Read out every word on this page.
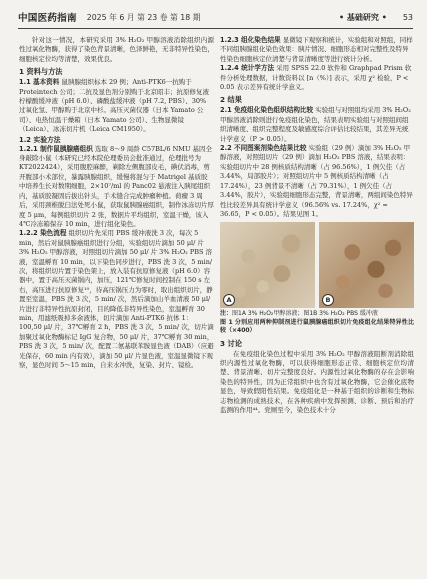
中国医药指南 2025 年 6 月 第 23 卷 第 18 期	• 基础研究 • 53

针对这一情况，本研究采用 3% H₂O₂ 甲醇溶液消除组织内源性过氧化物酶，获得了染色背景清晰，色泽鲜艳，无非特异性染色，细胞核定位均等清楚，效果优良。

1 资料与方法

1.1 基本资料 鼠胰腺组织标本 29 例；Anti-PTK6一抗购于 Proteintech 公司；二抗及显色剂分别购于北京昭丰；抗原修复液柠檬酸缓冲液（pH 6.0）、磷酸盐缓冲液（pH 7.2, PBS）、30% 过氧化氢、甲醇购于北京中杉。高压灭菌仪器（日本 Yamato 公司）、电热恒温干燥箱（日本 Yamato 公司）、生物显微镜（Leica）、冰冻切片机（Leica CM1950）。

1.2 实验方法

1.2.1 制作鼠胰腺癌组织 选取 8～9 周龄 C57BL/6 NMU 基因全身敲除小鼠（本研究已经本院伦理委员会批准通过，伦理批号为 KT2022424），采用腹腔麻醉，剃除左侧腹部皮毛，碘伏消毒，剪开腹部小术部位，暴露胰腺组织，缓慢将混匀于 Matrigel 基质胶中培养生长对数期细胞，2×10⁷/ml 的 Panc02 悬液注入胰尾组织内，基质胶凝固后拔出针头，手术缝合完成肿瘤种植。荷瘤 3 周后，采用颈椎脱臼法处死小鼠，获取鼠胰腺癌组织，制作冰冻切片厚度 5 μm，每例组织切片 2 张，数据片平均组织，室温干燥，该入 4℃冷冻箱保存 10 min，进行组化染色。

1.2.2 染色流程 组织切片先采用 PBS 缓冲液洗 3 次，每次 5 min，然后对鼠胰腺癌组织进行分组，实验组切片滴加 50 μl/ 片 3% H₂O₂ 甲醇溶液，对照组切片滴加 50 μl/ 片 3% H₂O₂ PBS 溶液，室温孵育 10 min，以下染色同步进行，PBS 洗 3 次，5 min/ 次，将组织切片置于染色架上，放入装有抗原修复液（pH 6.0）容器中，置于高压灭菌锅内，加压，121℃修复时间控制在 150 s 左右，高压进行抗原修复¹⁰，待高压锅压力为零时，取出组织切片，静置至室温，PBS 洗 3 次，5 min/ 次，然后滴加山羊血清液 50 μl/ 片进行非特异性抗原封闭，目的降低非特异性染色，室温孵育 30 min，用滤纸吸掉多余液体，切片滴加 Anti-PTK6 抗体 1：100,50 μl/ 片，37℃孵育 2 h，PBS 洗 3 次，5 min/ 次，切片滴加聚过氧化物酶标记 IgG 复合物，50 μl/ 片，37℃孵育 30 min，PBS 洗 3 次，5 min/ 次，配置二氨基联苯胺显色液（DAB）（应避光保存，60 min 内有效），滴加 50 μl/ 片显色液，室温显微镜下观察，显色时间 5～15 min，自来水冲洗，复染、封片、镜检。

1.2.3 组化染色结果 显微镜下观察和统计，实验组和对照组，同样不同组胰腺组化染色效果：胰片情况、细胞形态相对完整性及特异性染色细胞核定位清楚与背景清晰度等进行统计分析。

1.2.4 统计学方法 采用 SPSS 22.0 软件和 Graphpad Prism 软件分析处理数据，计数资料以 [n（%）] 表示，采用 χ² 检验，P < 0.05 表示差异有统计学意义。

2 结果

2.1 免疫组化染色组织结构比较 实验组与对照组均采用 3% H₂O₂ 甲醇溶液消除则进行免疫组化染色，结果表明实验组与对照组间组织清晰度、组织完整程度及敏感度综合评估比较结果，其差异无统计学意义（P > 0.05）。

2.2 不同图案剂染色结果比较 实验组（29 例）滴加 3% H₂O₂ 甲醇溶液，对照组切片（29 例）滴加 H₂O₂ PBS 溶液，结果表明：实验组切片中 28 例核质结构清晰（占 96.56%），1 例欠佳（占 3.44%，局部胶片）；对照组切片中 5 例核质结构清晰（占 17.24%），23 例背景不清晰（占 79.31%），1 例欠佳（占 3.44%，胶片），实验组细胞形态完整，背景清晰，两组间染色特异性比较差异具有统计学意义（96.56% vs. 17.24%，χ² = 36.65，P < 0.05）。结果见图 1。

A	B
注：图1A 3% H₂O₂甲醇溶液；图1B 3% H₂O₂ PBS 缓冲液
图 1 分别应用两种抑制剂进行鼠胰腺癌组织切片免疫组化结果特异性比较（×400）
3 讨论

在免疫组化染色过程中采用 3% H₂O₂ 甲醇溶液阻断剂消除组织内源性过氧化物酶，可以获得细胞形态正常、细胞核定位均清楚、背景清晰、切片完整度良好。内源性过氧化物酶的存在会影响染色的特异性，因为正常组织中也含有过氧化物酶，它会催化底物显色，导致假阳性结果。免疫组化是一种基于组织的诊断和生物标志物检测的成熟技术，在各种疾病中发挥预测、诊断、预后和治疗监测的作用⁴⁴。党厕至今，染色技术十分
